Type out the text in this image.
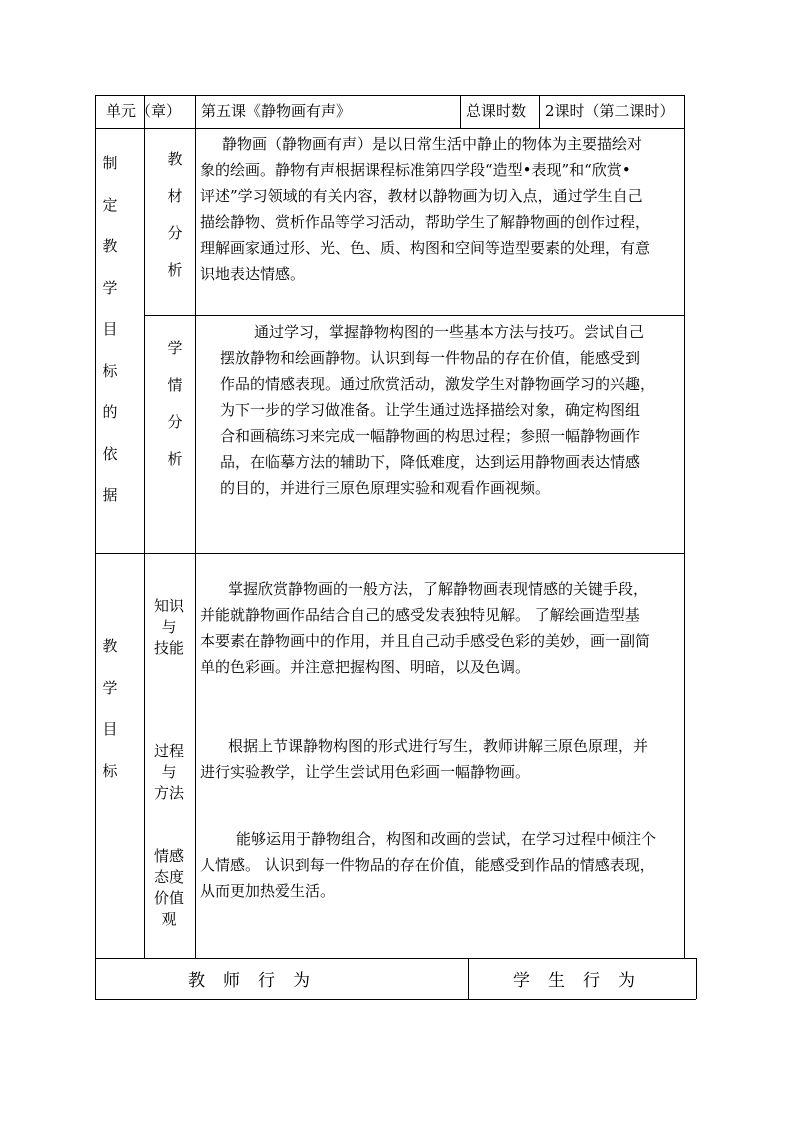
单元（章） 第五课《静物画有声》	总课时数 2课时（第二课时）
制
定
教
学
目
标
的
依
据
教
材
分
析
静物画（静物画有声）是以日常生活中静止的物体为主要描绘对
象的绘画。静物有声根据课程标准第四学段“造型•表现”和“欣赏•
评述”学习领域的有关内容，教材以静物画为切入点，通过学生自己
描绘静物、赏析作品等学习活动，帮助学生了解静物画的创作过程，
理解画家通过形、光、色、质、构图和空间等造型要素的处理，有意
识地表达情感。
学
情
分
析
通过学习，掌握静物构图的一些基本方法与技巧。尝试自己
摆放静物和绘画静物。认识到每一件物品的存在价值，能感受到
作品的情感表现。通过欣赏活动，激发学生对静物画学习的兴趣，
为下一步的学习做准备。让学生通过选择描绘对象，确定构图组
合和画稿练习来完成一幅静物画的构思过程；参照一幅静物画作
品，在临摹方法的辅助下，降低难度，达到运用静物画表达情感
的目的，并进行三原色原理实验和观看作画视频。
教
学
目
标
知识
与
技能
掌握欣赏静物画的一般方法，了解静物画表现情感的关键手段，
并能就静物画作品结合自己的感受发表独特见解。 了解绘画造型基
本要素在静物画中的作用，并且自己动手感受色彩的美妙，画一副简
单的色彩画。并注意把握构图、明暗，以及色调。
过程
与
方法
根据上节课静物构图的形式进行写生，教师讲解三原色原理，并
进行实验教学，让学生尝试用色彩画一幅静物画。
情感
态度
价值
观
能够运用于静物组合，构图和改画的尝试，在学习过程中倾注个
人情感。 认识到每一件物品的存在价值，能感受到作品的情感表现，
从而更加热爱生活。
教师行为	学生行为
